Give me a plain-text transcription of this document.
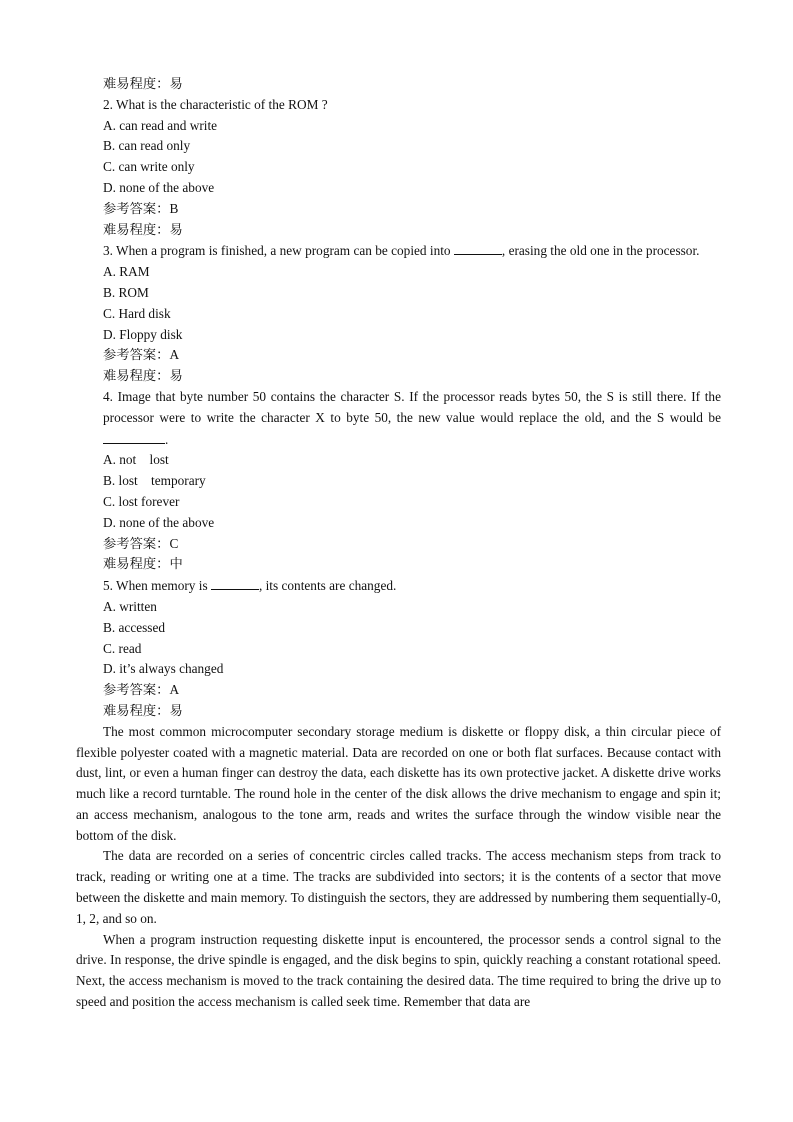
难易程度：易
2. What is the characteristic of the ROM ?
A. can read and write
B. can read only
C. can write only
D. none of the above
参考答案：B
难易程度：易
3. When a program is finished, a new program can be copied into	, erasing the old one in the processor.
A. RAM
B. ROM
C. Hard disk
D. Floppy disk
参考答案：A
难易程度：易
4. Image that byte number 50 contains the character S. If the processor reads bytes 50, the S is still there. If the processor were to write the character X to byte 50, the new value would replace the old, and the S would be .
A. not    lost
B. lost    temporary
C. lost forever
D. none of the above
参考答案：C
难易程度：中
5. When memory is	, its contents are changed.
A. written
B. accessed
C. read
D. it’s always changed
参考答案：A
难易程度：易

The most common microcomputer secondary storage medium is diskette or floppy disk, a thin circular piece of flexible polyester coated with a magnetic material. Data are recorded on one or both flat surfaces. Because contact with dust, lint, or even a human finger can destroy the data, each diskette has its own protective jacket. A diskette drive works much like a record turntable. The round hole in the center of the disk allows the drive mechanism to engage and spin it; an access mechanism, analogous to the tone arm, reads and writes the surface through the window visible near the bottom of the disk.

The data are recorded on a series of concentric circles called tracks. The access mechanism steps from track to track, reading or writing one at a time. The tracks are subdivided into sectors; it is the contents of a sector that move between the diskette and main memory. To distinguish the sectors, they are addressed by numbering them sequentially-0, 1, 2, and so on.

When a program instruction requesting diskette input is encountered, the processor sends a control signal to the drive. In response, the drive spindle is engaged, and the disk begins to spin, quickly reaching a constant rotational speed. Next, the access mechanism is moved to the track containing the desired data. The time required to bring the drive up to speed and position the access mechanism is called seek time. Remember that data are
